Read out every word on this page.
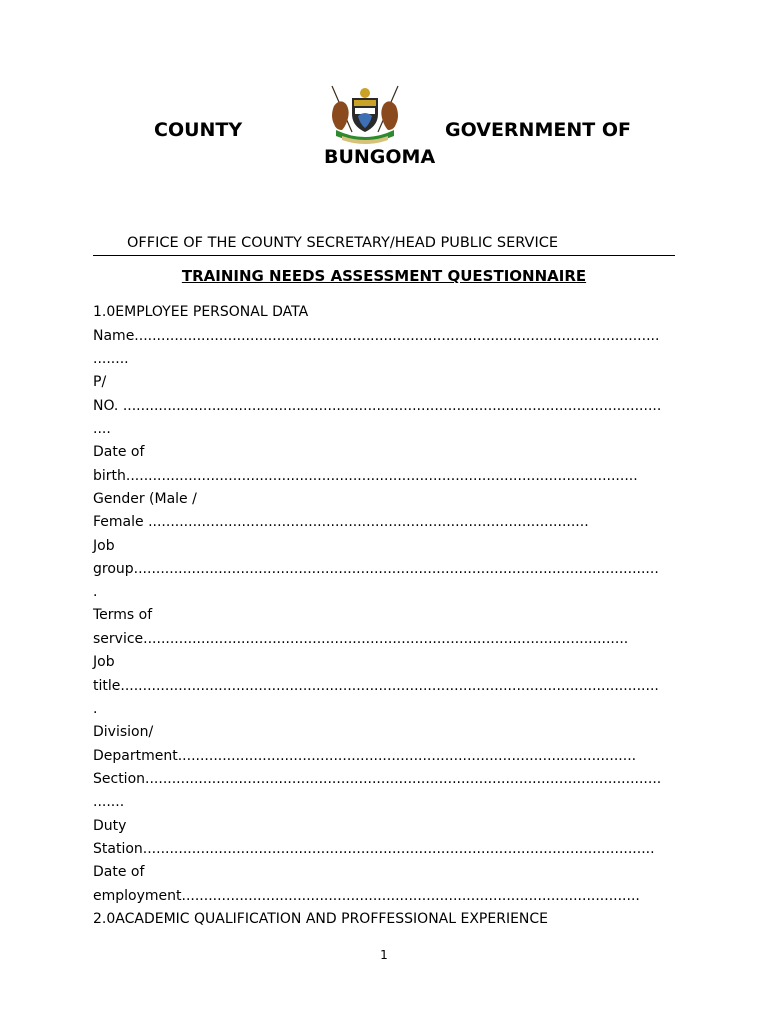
COUNTY	GOVERNMENT OF
BUNGOMA
OFFICE OF THE COUNTY SECRETARY/HEAD PUBLIC SERVICE
TRAINING NEEDS ASSESSMENT QUESTIONNAIRE
1.0EMPLOYEE PERSONAL DATA
Name......................................................................................................................
........
P/
NO. .........................................................................................................................
....
Date of
birth...................................................................................................................
Gender (Male /
Female ...................................................................................................
Job
group......................................................................................................................
.
Terms of
service.............................................................................................................
Job
title.........................................................................................................................
.
Division/
Department.......................................................................................................
Section....................................................................................................................
.......
Duty
Station...................................................................................................................
Date of
employment.......................................................................................................
2.0ACADEMIC QUALIFICATION AND PROFFESSIONAL EXPERIENCE
1
